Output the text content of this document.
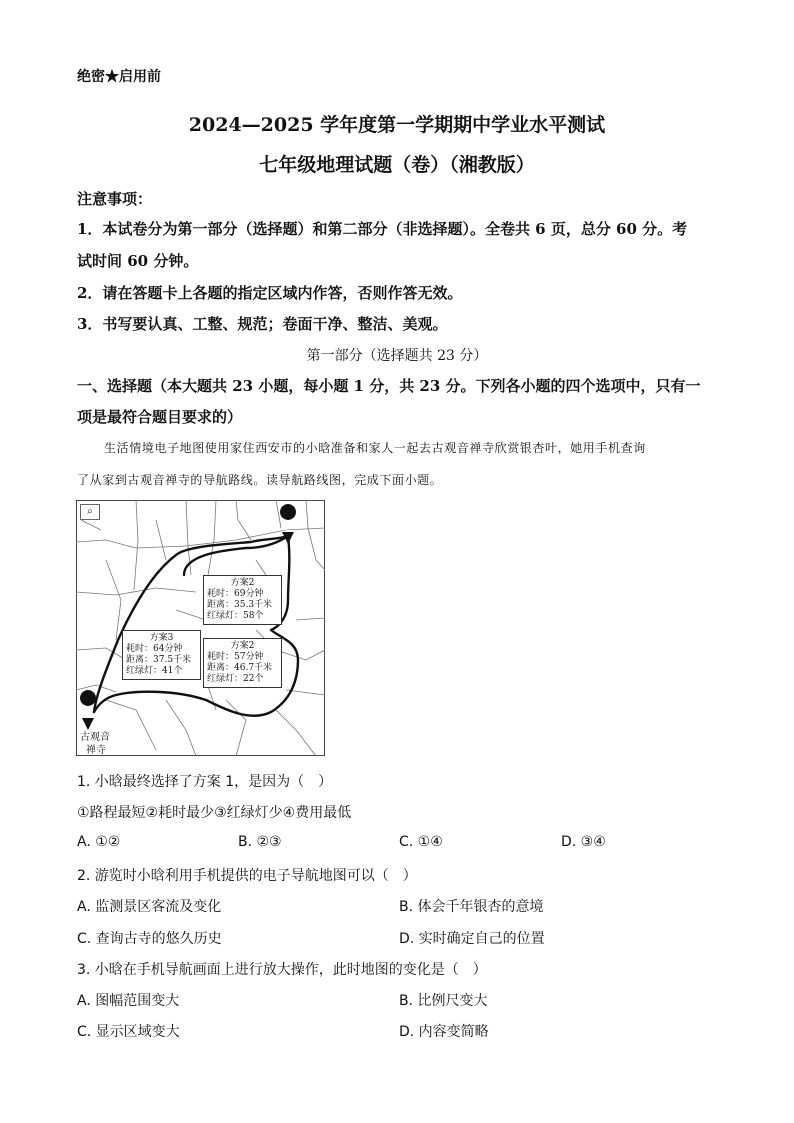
绝密★启用前
2024—2025 学年度第一学期期中学业水平测试
七年级地理试题（卷）（湘教版）
注意事项：
1．本试卷分为第一部分（选择题）和第二部分（非选择题）。全卷共 6 页，总分 60 分。考
试时间 60 分钟。
2．请在答题卡上各题的指定区域内作答，否则作答无效。
3．书写要认真、工整、规范；卷面干净、整洁、美观。
第一部分（选择题共 23 分）
一、选择题（本大题共 23 小题，每小题 1 分，共 23 分。下列各小题的四个选项中，只有一
项是最符合题目要求的）
生活情境电子地图使用家住西安市的小晗准备和家人一起去古观音禅寺欣赏银杏叶，她用手机查询
了从家到古观音禅寺的导航路线。读导航路线图，完成下面小题。
⌕
起
终
古观音
禅寺
方案2
耗时：69分钟
距离：35.3千米
红绿灯：58个
方案3
耗时：64分钟
距离：37.5千米
红绿灯：41个
方案2
耗时：57分钟
距离：46.7千米
红绿灯：22个
1. 小晗最终选择了方案 1，是因为（　）
①路程最短②耗时最少③红绿灯少④费用最低
A. ①②	B. ②③	C. ①④	D. ③④
2. 游览时小晗利用手机提供的电子导航地图可以（　）
A. 监测景区客流及变化	B. 体会千年银杏的意境
C. 查询古寺的悠久历史	D. 实时确定自己的位置
3. 小晗在手机导航画面上进行放大操作，此时地图的变化是（　）
A. 图幅范围变大	B. 比例尺变大
C. 显示区域变大	D. 内容变简略
